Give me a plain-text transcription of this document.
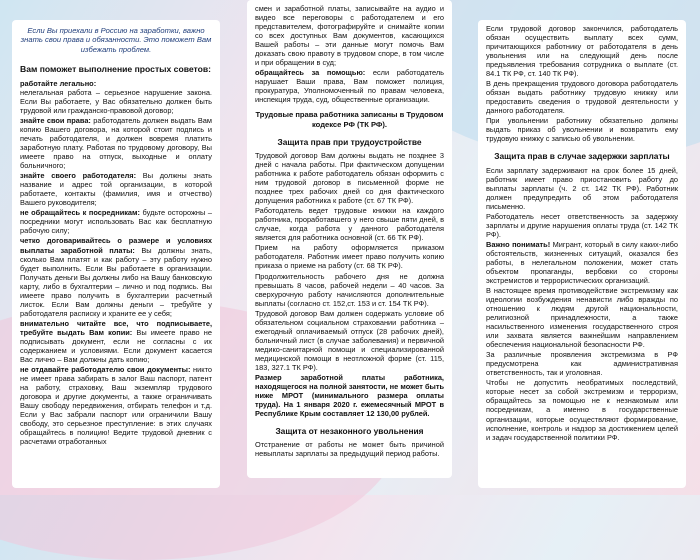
Если Вы приехали в Россию на заработки, важно знать свои права и обязанности. Это поможет Вам избежать проблем.

Вам поможет выполнение простых советов:

работайте легально:
нелегальная работа – серьезное нарушение закона. Если Вы работаете, у Вас обязательно должен быть трудовой или гражданско-правовой договор;

знайте свои права: работодатель должен выдать Вам копию Вашего договора, на которой стоит подпись и печать работодателя, и должен вовремя платить заработную плату. Работая по трудовому договору, Вы имеете право на отпуск, выходные и оплату больничного;

знайте своего работодателя: Вы должны знать название и адрес той организации, в которой работаете, контакты (фамилия, имя и отчество) Вашего руководителя;

не обращайтесь к посредникам: будьте осторожны – посредники могут использовать Вас как бесплатную рабочую силу;

четко договаривайтесь о размере и условиях выплаты заработной платы: Вы должны знать, сколько Вам платят и как работу – эту работу нужно будет выполнить. Если Вы работаете в организации. Получать деньги Вы должны либо на Вашу банковскую карту, либо в бухгалтерии – лично и под подпись. Вы имеете право получить в бухгалтерии расчетный листок. Если Вам должны деньги – требуйте у работодателя расписку и храните ее у себя;

внимательно читайте все, что подписываете, требуйте выдать Вам копии: Вы имеете право не подписывать документ, если не согласны с их содержанием и условиями. Если документ касается Вас лично – Вам должны дать копию;

не отдавайте работодателю свои документы: никто не имеет права забирать в залог Ваш паспорт, патент на работу, страховку, Ваш экземпляр трудового договора и другие документы, а также ограничивать Вашу свободу передвижения, отбирать телефон и т.д. Если у Вас забрали паспорт или ограничили Вашу свободу, это серьезное преступление: в этих случаях обращайтесь в полицию! Ведите трудовой дневник с расчетами отработанных

смен и заработной платы, записывайте на аудио и видео все переговоры с работодателем и его представителем, фотографируйте и снимайте копии со всех доступных Вам документов, касающихся Вашей работы – эти данные могут помочь Вам доказать свою правоту в трудовом споре, в том числе и при обращении в суд;

обращайтесь за помощью: если работодатель нарушает Ваши права, Вам поможет полиция, прокуратура, Уполномоченный по правам человека, инспекция труда, суд, общественные организации.

Трудовые права работника записаны в Трудовом кодексе РФ (ТК РФ).
Защита прав при трудоустройстве

Трудовой договор Вам должны выдать не позднее 3 дней с начала работы. При фактическом допущении работника к работе работодатель обязан оформить с ним трудовой договор в письменной форме не позднее трех рабочих дней со дня фактического допущения работника к работе (ст. 67 ТК РФ).

Работодатель ведет трудовые книжки на каждого работника, проработавшего у него свыше пяти дней, в случае, когда работа у данного работодателя является для работника основной (ст. 66 ТК РФ).

Прием на работу оформляется приказом работодателя. Работник имеет право получить копию приказа о приеме на работу (ст. 68 ТК РФ).

Продолжительность рабочего дня не должна превышать 8 часов, рабочей недели – 40 часов. За сверхурочную работу начисляются дополнительные выплаты (согласно ст. 152,ст. 153 и ст. 154 ТК РФ).

Трудовой договор Вам должен содержать условие об обязательном социальном страховании работника – ежегодный оплачиваемый отпуск (28 рабочих дней), больничный лист (в случае заболевания) и первичной медико-санитарной помощи и специализированной медицинской помощи в неотложной форме (ст. 115, 183, 327.1 ТК РФ).

Размер заработной платы работника, находящегося на полной занятости, не может быть ниже МРОТ (минимального размера оплаты труда). На 1 января 2020 г. ежемесячный МРОТ в Республике Крым составляет 12 130,00 рублей.

Защита от незаконного увольнения

Отстранение от работы не может быть причиной невыплаты зарплаты за предыдущий период работы.

Если трудовой договор закончился, работодатель обязан осуществить выплату всех сумм, причитающихся работнику от работодателя в день увольнения или на следующий день после предъявления требования сотрудника о выплате (ст. 84.1 ТК РФ, ст. 140 ТК РФ).

В день прекращения трудового договора работодатель обязан выдать работнику трудовую книжку или предоставить сведения о трудовой деятельности у данного работодателя.

При увольнении работнику обязательно должны выдать приказ об увольнении и возвратить ему трудовую книжку с записью об увольнении.

Защита прав в случае задержки зарплаты

Если зарплату задерживают на срок более 15 дней, работник имеет право приостановить работу до выплаты зарплаты (ч. 2 ст. 142 ТК РФ). Работник должен предупредить об этом работодателя письменно.

Работодатель несет ответственность за задержку зарплаты и другие нарушения оплаты труда (ст. 142 ТК РФ).

Важно понимать! Мигрант, который в силу каких-либо обстоятельств, жизненных ситуаций, оказался без работы, в нелегальном положении, может стать объектом пропаганды, вербовки со стороны экстремистов и террористических организаций.

В настоящее время противодействие экстремизму как идеологии возбуждения ненависти либо вражды по отношению к людям другой национальности, религиозной принадлежности, а также насильственного изменения государственного строя или захвата является важнейшим направлением обеспечения национальной безопасности РФ.

За различные проявления экстремизма в РФ предусмотрена как административная ответственность, так и уголовная.

Чтобы не допустить необратимых последствий, которые несет за собой экстремизм и терроризм, обращайтесь за помощью не к незнакомым или посредникам, а именно в государственные организации, которые осуществляют формирование, исполнение, контроль и надзор за достижением целей и задач государственной политики РФ.
